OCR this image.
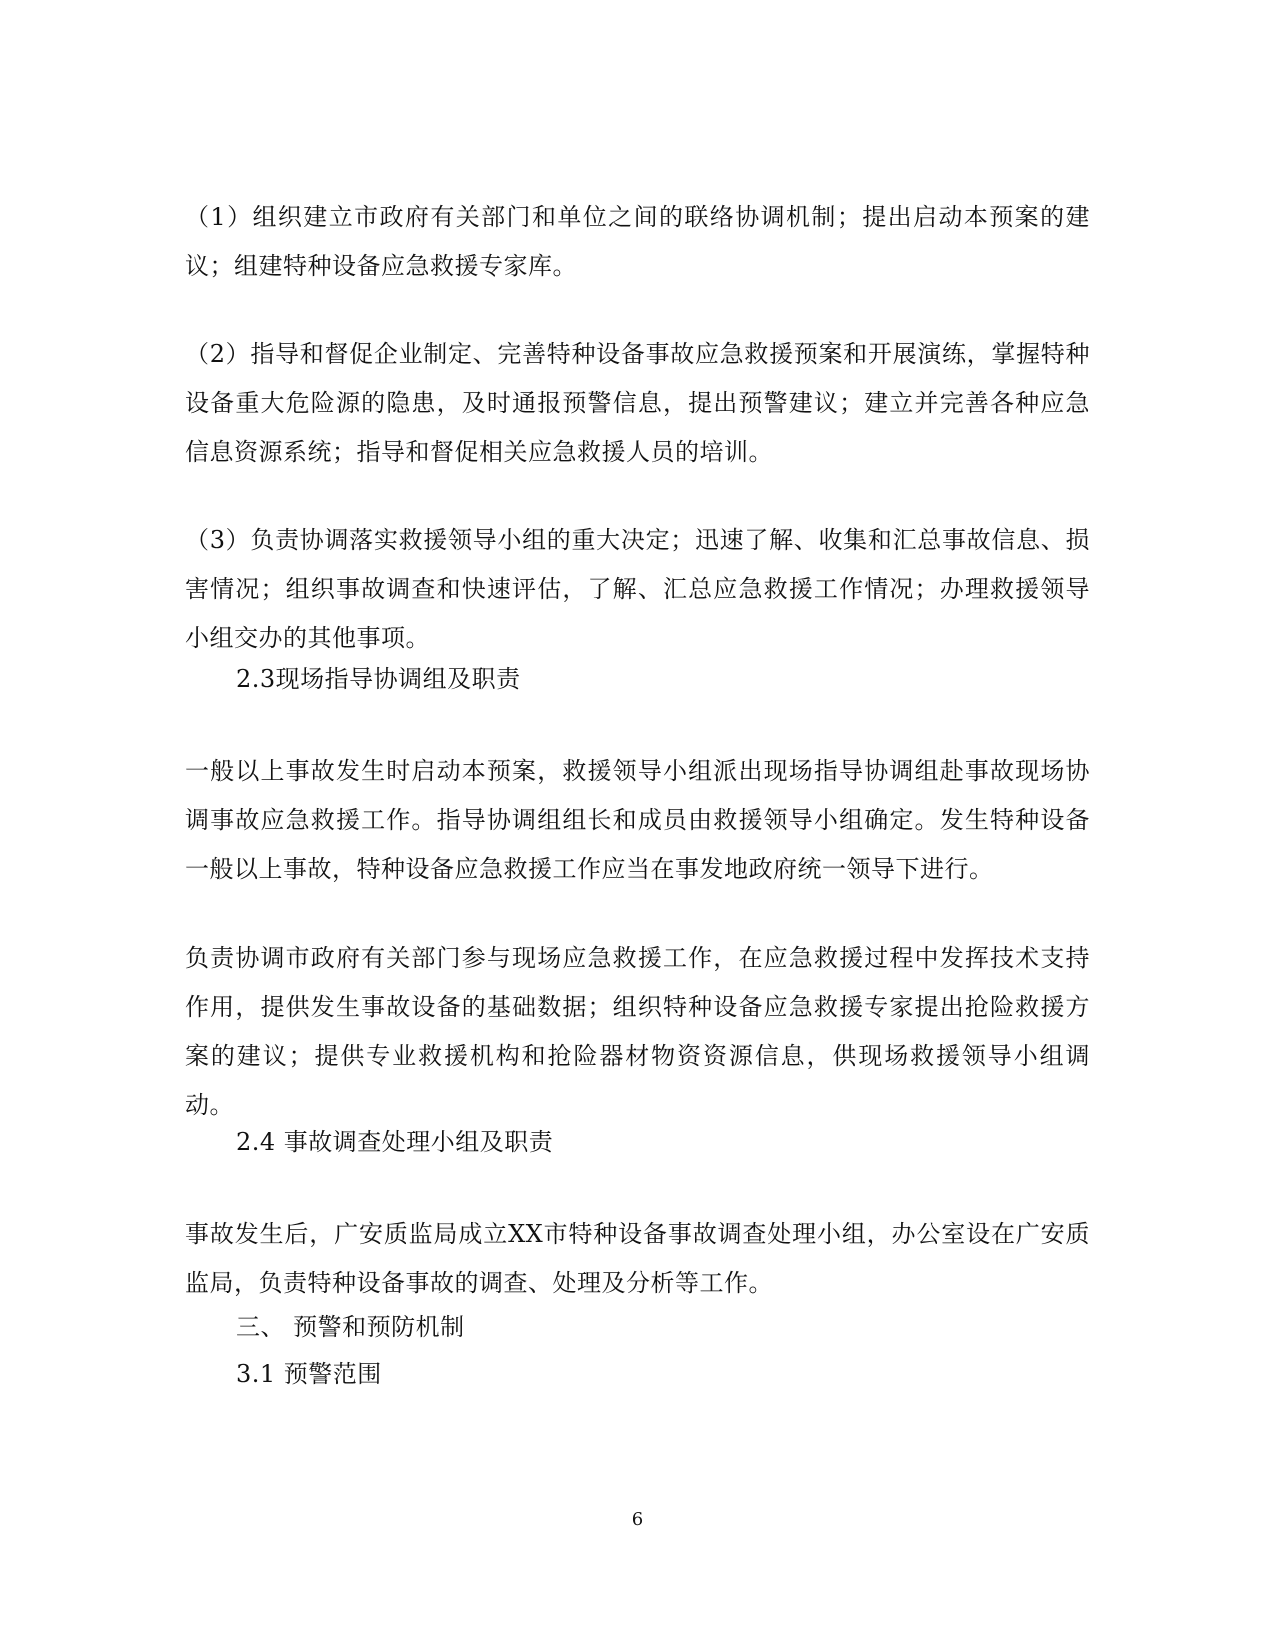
（1）组织建立市政府有关部门和单位之间的联络协调机制；提出启动本预案的建议；组建特种设备应急救援专家库。

（2）指导和督促企业制定、完善特种设备事故应急救援预案和开展演练，掌握特种设备重大危险源的隐患，及时通报预警信息，提出预警建议；建立并完善各种应急信息资源系统；指导和督促相关应急救援人员的培训。

（3）负责协调落实救援领导小组的重大决定；迅速了解、收集和汇总事故信息、损害情况；组织事故调查和快速评估，了解、汇总应急救援工作情况；办理救援领导小组交办的其他事项。

2.3现场指导协调组及职责

一般以上事故发生时启动本预案，救援领导小组派出现场指导协调组赴事故现场协调事故应急救援工作。指导协调组组长和成员由救援领导小组确定。发生特种设备一般以上事故，特种设备应急救援工作应当在事发地政府统一领导下进行。

负责协调市政府有关部门参与现场应急救援工作，在应急救援过程中发挥技术支持作用，提供发生事故设备的基础数据；组织特种设备应急救援专家提出抢险救援方案的建议；提供专业救援机构和抢险器材物资资源信息，供现场救援领导小组调动。

2.4 事故调查处理小组及职责

事故发生后，广安质监局成立XX市特种设备事故调查处理小组，办公室设在广安质监局，负责特种设备事故的调查、处理及分析等工作。

三、 预警和预防机制

3.1 预警范围

6
